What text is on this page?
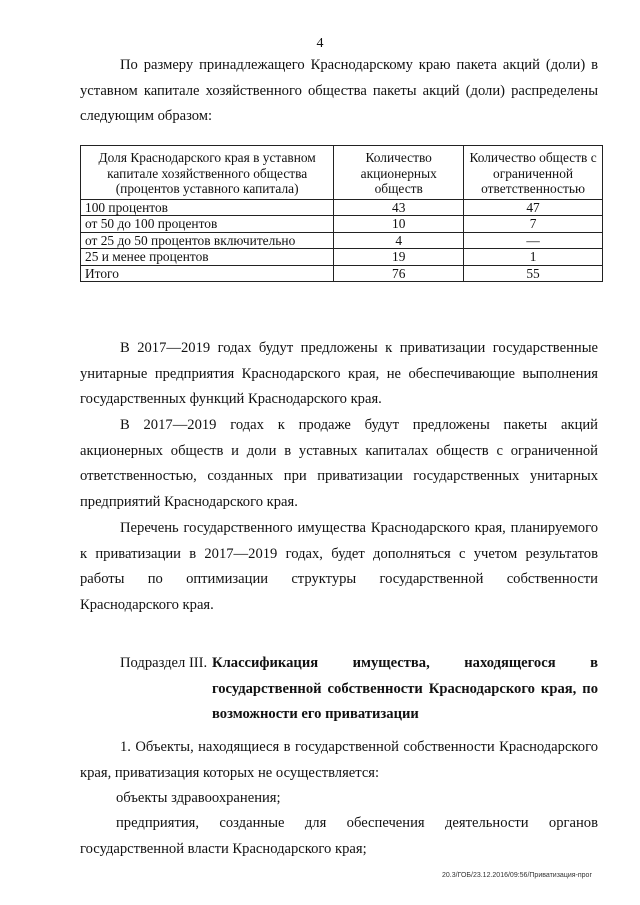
4

По размеру принадлежащего Краснодарскому краю пакета акций (доли) в уставном капитале хозяйственного общества пакеты акций (доли) распределены следующим образом:

Доля Краснодарского края в уставном капитале хозяйственного общества (процентов уставного капитала)	Количество акционерных обществ	Количество обществ с ограниченной ответственностью
100 процентов	43	47
от 50 до 100 процентов	10	7
от 25 до 50 процентов включительно	4	—
25 и менее процентов	19	1
Итого	76	55

В 2017—2019 годах будут предложены к приватизации государственные унитарные предприятия Краснодарского края, не обеспечивающие выполнения государственных функций Краснодарского края.

В 2017—2019 годах к продаже будут предложены пакеты акций акционерных обществ и доли в уставных капиталах обществ с ограниченной ответственностью, созданных при приватизации государственных унитарных предприятий Краснодарского края.

Перечень государственного имущества Краснодарского края, планируемого к приватизации в 2017—2019 годах, будет дополняться с учетом результатов работы по оптимизации структуры государственной собственности Краснодарского края.

Подраздел III. Классификация имущества, находящегося в государственной собственности Краснодарского края, по возможности его приватизации

1. Объекты, находящиеся в государственной собственности Краснодарского края, приватизация которых не осуществляется:

объекты здравоохранения;

предприятия, созданные для обеспечения деятельности органов государственной власти Краснодарского края;

20.3/ГОБ/23.12.2016/09:56/Приватизация-прог
